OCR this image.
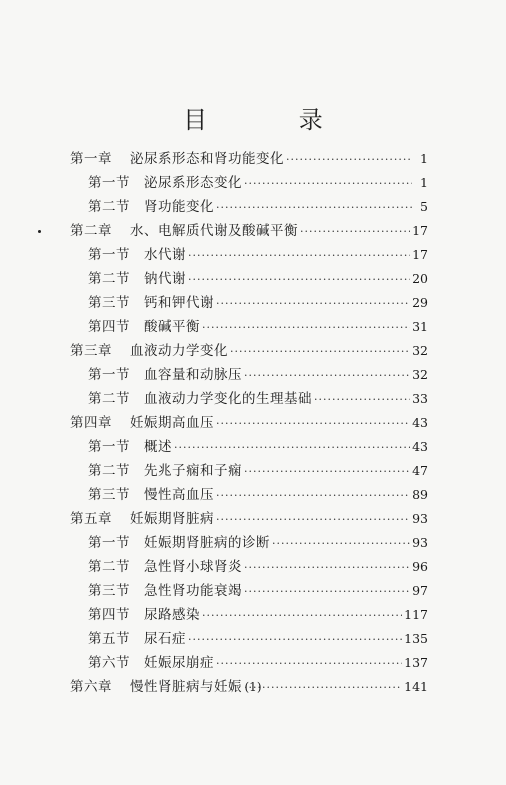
目 录
第一章	泌尿系形态和肾功能变化 ·····	1
第一节	泌尿系形态变化 ·····	1
第二节	肾功能变化 ·····	5
第二章	水、电解质代谢及酸碱平衡 ·····	17
第一节	水代谢 ·····	17
第二节	钠代谢 ·····	20
第三节	钙和钾代谢 ·····	29
第四节	酸碱平衡 ·····	31
第三章	血液动力学变化 ·····	32
第一节	血容量和动脉压 ·····	32
第二节	血液动力学变化的生理基础 ·····	33
第四章	妊娠期高血压 ·····	43
第一节	概述 ·····	43
第二节	先兆子痫和子痫 ·····	47
第三节	慢性高血压 ·····	89
第五章	妊娠期肾脏病 ·····	93
第一节	妊娠期肾脏病的诊断 ·····	93
第二节	急性肾小球肾炎 ·····	96
第三节	急性肾功能衰竭 ·····	97
第四节	尿路感染 ·····	117
第五节	尿石症 ·····	135
第六节	妊娠尿崩症 ·····	137
第六章	慢性肾脏病与妊娠 ·····	141
(1)
